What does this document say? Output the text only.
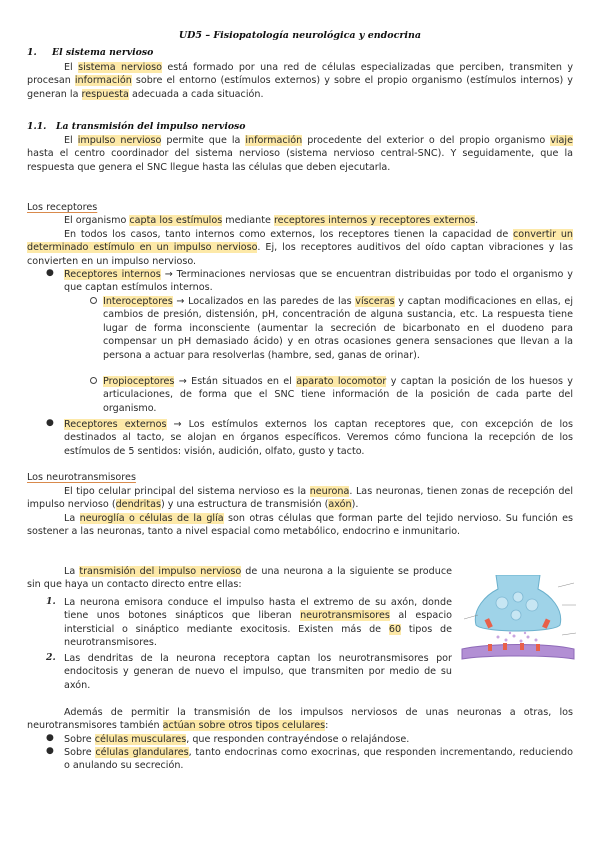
UD5 – Fisiopatología neurológica y endocrina
1. El sistema nervioso

El sistema nervioso está formado por una red de células especializadas que perciben, transmiten y procesan información sobre el entorno (estímulos externos) y sobre el propio organismo (estímulos internos) y generan la respuesta adecuada a cada situación.

1.1. La transmisión del impulso nervioso

El impulso nervioso permite que la información procedente del exterior o del propio organismo viaje hasta el centro coordinador del sistema nervioso (sistema nervioso central-SNC). Y seguidamente, que la respuesta que genera el SNC llegue hasta las células que deben ejecutarla.

Los receptores

El organismo capta los estímulos mediante receptores internos y receptores externos.

En todos los casos, tanto internos como externos, los receptores tienen la capacidad de convertir un determinado estímulo en un impulso nervioso. Ej, los receptores auditivos del oído captan vibraciones y las convierten en un impulso nervioso.

● Receptores internos → Terminaciones nerviosas que se encuentran distribuidas por todo el organismo y que captan estímulos internos.

Interoceptores → Localizados en las paredes de las vísceras y captan modificaciones en ellas, ej cambios de presión, distensión, pH, concentración de alguna sustancia, etc. La respuesta tiene lugar de forma inconsciente (aumentar la secreción de bicarbonato en el duodeno para compensar un pH demasiado ácido) y en otras ocasiones genera sensaciones que llevan a la persona a actuar para resolverlas (hambre, sed, ganas de orinar).

Propioceptores → Están situados en el aparato locomotor y captan la posición de los huesos y articulaciones, de forma que el SNC tiene información de la posición de cada parte del organismo.

● Receptores externos → Los estímulos externos los captan receptores que, con excepción de los destinados al tacto, se alojan en órganos específicos. Veremos cómo funciona la recepción de los estímulos de 5 sentidos: visión, audición, olfato, gusto y tacto.

Los neurotransmisores

El tipo celular principal del sistema nervioso es la neurona. Las neuronas, tienen zonas de recepción del impulso nervioso (dendritas) y una estructura de transmisión (axón).

La neuroglía o células de la glía son otras células que forman parte del tejido nervioso. Su función es sostener a las neuronas, tanto a nivel espacial como metabólico, endocrino e inmunitario.

La transmisión del impulso nervioso de una neurona a la siguiente se produce sin que haya un contacto directo entre ellas:

1. La neurona emisora conduce el impulso hasta el extremo de su axón, donde tiene unos botones sinápticos que liberan neurotransmisores al espacio intersticial o sináptico mediante exocitosis. Existen más de 60 tipos de neurotransmisores.

2. Las dendritas de la neurona receptora captan los neurotransmisores por endocitosis y generan de nuevo el impulso, que transmiten por medio de su axón.

Además de permitir la transmisión de los impulsos nerviosos de unas neuronas a otras, los neurotransmisores también actúan sobre otros tipos celulares:

● Sobre células musculares, que responden contrayéndose o relajándose.

● Sobre células glandulares, tanto endocrinas como exocrinas, que responden incrementando, reduciendo o anulando su secreción.
